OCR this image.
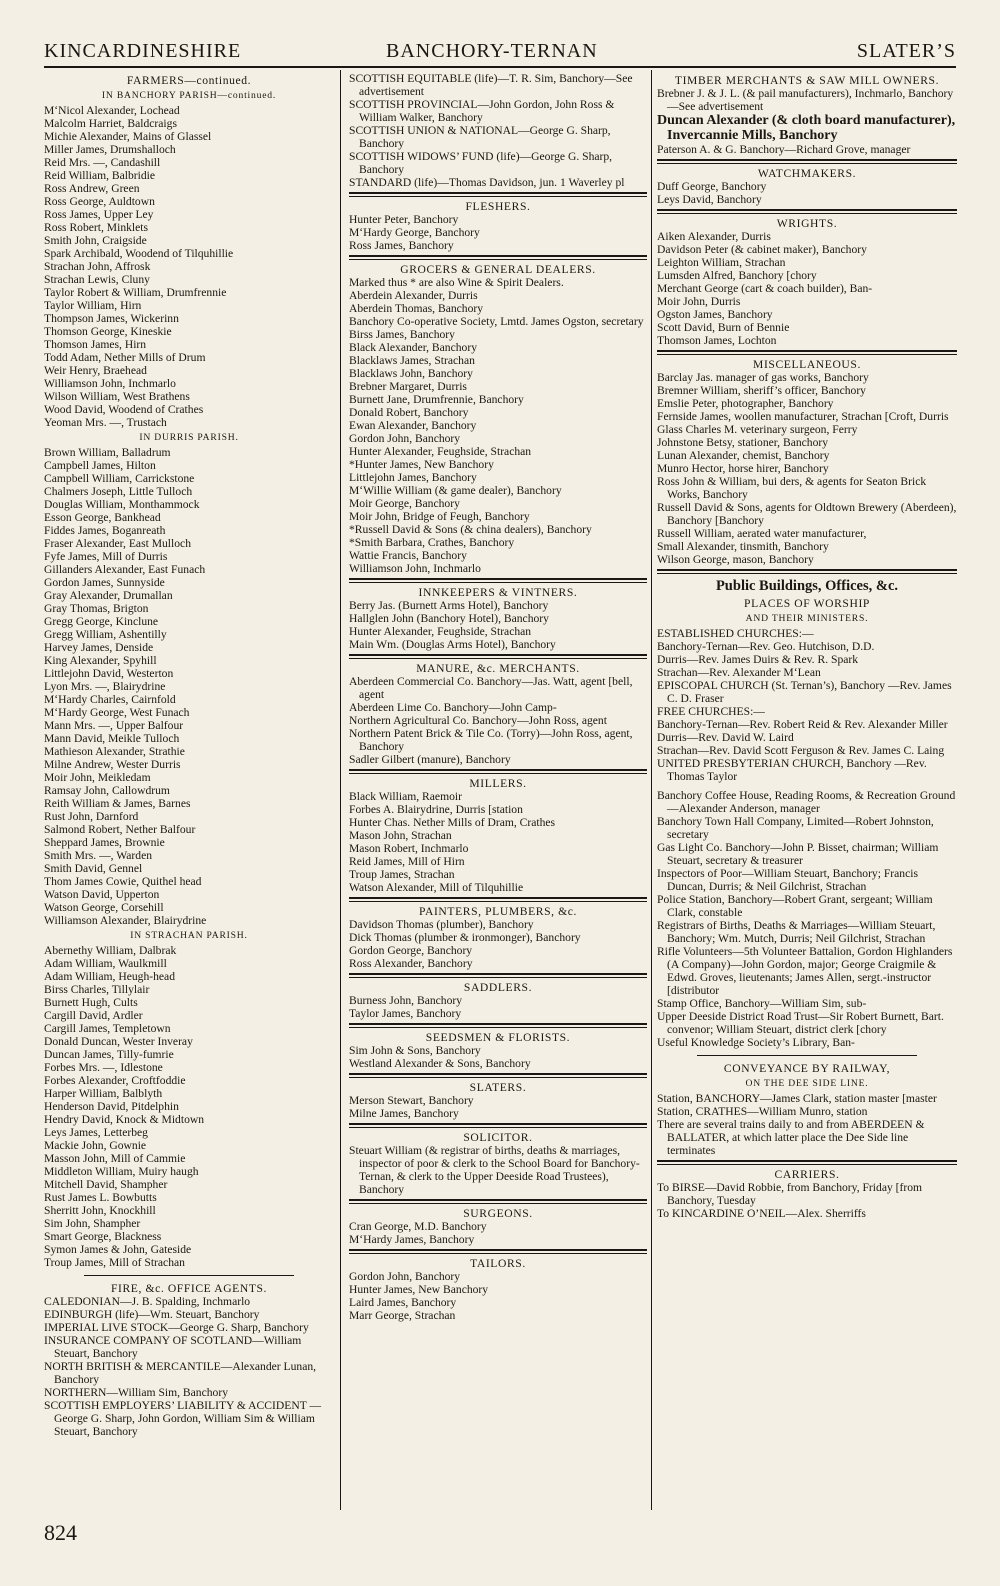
KINCARDINESHIRE	BANCHORY-TERNAN	SLATER’S
FARMERS—continued.
IN BANCHORY PARISH—continued.
M‘Nicol Alexander, Lochead
Malcolm Harriet, Baldcraigs
Michie Alexander, Mains of Glassel
Miller James, Drumshalloch
Reid Mrs. —, Candashill
Reid William, Balbridie
Ross Andrew, Green
Ross George, Auldtown
Ross James, Upper Ley
Ross Robert, Minklets
Smith John, Craigside
Spark Archibald, Woodend of Tilquhillie
Strachan John, Affrosk
Strachan Lewis, Cluny
Taylor Robert & William, Drumfrennie
Taylor William, Hirn
Thompson James, Wickerinn
Thomson George, Kineskie
Thomson James, Hirn
Todd Adam, Nether Mills of Drum
Weir Henry, Braehead
Williamson John, Inchmarlo
Wilson William, West Brathens
Wood David, Woodend of Crathes
Yeoman Mrs. —, Trustach
IN DURRIS PARISH.
Brown William, Balladrum
Campbell James, Hilton
Campbell William, Carrickstone
Chalmers Joseph, Little Tulloch
Douglas William, Monthammock
Esson George, Bankhead
Fiddes James, Boganreath
Fraser Alexander, East Mulloch
Fyfe James, Mill of Durris
Gillanders Alexander, East Funach
Gordon James, Sunnyside
Gray Alexander, Drumallan
Gray Thomas, Brigton
Gregg George, Kinclune
Gregg William, Ashentilly
Harvey James, Denside
King Alexander, Spyhill
Littlejohn David, Westerton
Lyon Mrs. —, Blairydrine
M‘Hardy Charles, Cairnfold
M‘Hardy George, West Funach
Mann Mrs. —, Upper Balfour
Mann David, Meikle Tulloch
Mathieson Alexander, Strathie
Milne Andrew, Wester Durris
Moir John, Meikledam
Ramsay John, Callowdrum
Reith William & James, Barnes
Rust John, Darnford
Salmond Robert, Nether Balfour
Sheppard James, Brownie
Smith Mrs. —, Warden
Smith David, Gennel
Thom James Cowie, Quithel head
Watson David, Upperton
Watson George, Corsehill
Williamson Alexander, Blairydrine
IN STRACHAN PARISH.
Abernethy William, Dalbrak
Adam William, Waulkmill
Adam William, Heugh-head
Birss Charles, Tillylair
Burnett Hugh, Cults
Cargill David, Ardler
Cargill James, Templetown
Donald Duncan, Wester Inveray
Duncan James, Tilly-fumrie
Forbes Mrs. —, Idlestone
Forbes Alexander, Croftfoddie
Harper William, Balblyth
Henderson David, Pitdelphin
Hendry David, Knock & Midtown
Leys James, Letterbeg
Mackie John, Gownie
Masson John, Mill of Cammie
Middleton William, Muiry haugh
Mitchell David, Shampher
Rust James L. Bowbutts
Sherritt John, Knockhill
Sim John, Shampher
Smart George, Blackness
Symon James & John, Gateside
Troup James, Mill of Strachan
FIRE, &c. OFFICE AGENTS.
CALEDONIAN—J. B. Spalding, Inchmarlo
EDINBURGH (life)—Wm. Steuart, Banchory
IMPERIAL LIVE STOCK—George G. Sharp, Banchory
INSURANCE COMPANY OF SCOTLAND—William Steuart, Banchory
NORTH BRITISH & MERCANTILE—Alexander Lunan, Banchory
NORTHERN—William Sim, Banchory
SCOTTISH EMPLOYERS’ LIABILITY & ACCIDENT —George G. Sharp, John Gordon, William Sim & William Steuart, Banchory
SCOTTISH EQUITABLE (life)—T. R. Sim, Banchory—See advertisement
SCOTTISH PROVINCIAL—John Gordon, John Ross & William Walker, Banchory
SCOTTISH UNION & NATIONAL—George G. Sharp, Banchory
SCOTTISH WIDOWS’ FUND (life)—George G. Sharp, Banchory
STANDARD (life)—Thomas Davidson, jun. 1 Waverley pl
FLESHERS.
Hunter Peter, Banchory
M‘Hardy George, Banchory
Ross James, Banchory
GROCERS & GENERAL DEALERS.
Marked thus * are also Wine & Spirit Dealers.
Aberdein Alexander, Durris
Aberdein Thomas, Banchory
Banchory Co-operative Society, Lmtd. James Ogston, secretary
Birss James, Banchory
Black Alexander, Banchory
Blacklaws James, Strachan
Blacklaws John, Banchory
Brebner Margaret, Durris
Burnett Jane, Drumfrennie, Banchory
Donald Robert, Banchory
Ewan Alexander, Banchory
Gordon John, Banchory
Hunter Alexander, Feughside, Strachan
*Hunter James, New Banchory
Littlejohn James, Banchory
M‘Willie William (& game dealer), Banchory
Moir George, Banchory
Moir John, Bridge of Feugh, Banchory
*Russell David & Sons (& china dealers), Banchory
*Smith Barbara, Crathes, Banchory
Wattie Francis, Banchory
Williamson John, Inchmarlo
INNKEEPERS & VINTNERS.
Berry Jas. (Burnett Arms Hotel), Banchory
Hallglen John (Banchory Hotel), Banchory
Hunter Alexander, Feughside, Strachan
Main Wm. (Douglas Arms Hotel), Banchory
MANURE, &c. MERCHANTS.
Aberdeen Commercial Co. Banchory—Jas. Watt, agent [bell, agent
Aberdeen Lime Co. Banchory—John Camp-
Northern Agricultural Co. Banchory—John Ross, agent
Northern Patent Brick & Tile Co. (Torry)—John Ross, agent, Banchory
Sadler Gilbert (manure), Banchory
MILLERS.
Black William, Raemoir
Forbes A. Blairydrine, Durris [station
Hunter Chas. Nether Mills of Dram, Crathes
Mason John, Strachan
Mason Robert, Inchmarlo
Reid James, Mill of Hirn
Troup James, Strachan
Watson Alexander, Mill of Tilquhillie
PAINTERS, PLUMBERS, &c.
Davidson Thomas (plumber), Banchory
Dick Thomas (plumber & ironmonger), Banchory
Gordon George, Banchory
Ross Alexander, Banchory
SADDLERS.
Burness John, Banchory
Taylor James, Banchory
SEEDSMEN & FLORISTS.
Sim John & Sons, Banchory
Westland Alexander & Sons, Banchory
SLATERS.
Merson Stewart, Banchory
Milne James, Banchory
SOLICITOR.
Steuart William (& registrar of births, deaths & marriages, inspector of poor & clerk to the School Board for Banchory-Ternan, & clerk to the Upper Deeside Road Trustees), Banchory
SURGEONS.
Cran George, M.D. Banchory
M‘Hardy James, Banchory
TAILORS.
Gordon John, Banchory
Hunter James, New Banchory
Laird James, Banchory
Marr George, Strachan
TIMBER MERCHANTS & SAW MILL OWNERS.
Brebner J. & J. L. (& pail manufacturers), Inchmarlo, Banchory—See advertisement
Duncan Alexander (& cloth board manufacturer), Invercannie Mills, Banchory
Paterson A. & G. Banchory—Richard Grove, manager
WATCHMAKERS.
Duff George, Banchory
Leys David, Banchory
WRIGHTS.
Aiken Alexander, Durris
Davidson Peter (& cabinet maker), Banchory
Leighton William, Strachan
Lumsden Alfred, Banchory [chory
Merchant George (cart & coach builder), Ban-
Moir John, Durris
Ogston James, Banchory
Scott David, Burn of Bennie
Thomson James, Lochton
MISCELLANEOUS.
Barclay Jas. manager of gas works, Banchory
Bremner William, sheriff’s officer, Banchory
Emslie Peter, photographer, Banchory
Fernside James, woollen manufacturer, Strachan [Croft, Durris
Glass Charles M. veterinary surgeon, Ferry
Johnstone Betsy, stationer, Banchory
Lunan Alexander, chemist, Banchory
Munro Hector, horse hirer, Banchory
Ross John & William, bui ders, & agents for Seaton Brick Works, Banchory
Russell David & Sons, agents for Oldtown Brewery (Aberdeen), Banchory [Banchory
Russell William, aerated water manufacturer,
Small Alexander, tinsmith, Banchory
Wilson George, mason, Banchory
Public Buildings, Offices, &c.
PLACES OF WORSHIP
AND THEIR MINISTERS.
ESTABLISHED CHURCHES:—
Banchory-Ternan—Rev. Geo. Hutchison, D.D.
Durris—Rev. James Duirs & Rev. R. Spark
Strachan—Rev. Alexander M‘Lean
EPISCOPAL CHURCH (St. Ternan’s), Banchory —Rev. James C. D. Fraser
FREE CHURCHES:—
Banchory-Ternan—Rev. Robert Reid & Rev. Alexander Miller
Durris—Rev. David W. Laird
Strachan—Rev. David Scott Ferguson & Rev. James C. Laing
UNITED PRESBYTERIAN CHURCH, Banchory —Rev. Thomas Taylor
Banchory Coffee House, Reading Rooms, & Recreation Ground—Alexander Anderson, manager
Banchory Town Hall Company, Limited—Robert Johnston, secretary
Gas Light Co. Banchory—John P. Bisset, chairman; William Steuart, secretary & treasurer
Inspectors of Poor—William Steuart, Banchory; Francis Duncan, Durris; & Neil Gilchrist, Strachan
Police Station, Banchory—Robert Grant, sergeant; William Clark, constable
Registrars of Births, Deaths & Marriages—William Steuart, Banchory; Wm. Mutch, Durris; Neil Gilchrist, Strachan
Rifle Volunteers—5th Volunteer Battalion, Gordon Highlanders (A Company)—John Gordon, major; George Craigmile & Edwd. Groves, lieutenants; James Allen, sergt.-instructor [distributor
Stamp Office, Banchory—William Sim, sub-
Upper Deeside District Road Trust—Sir Robert Burnett, Bart. convenor; William Steuart, district clerk [chory
Useful Knowledge Society’s Library, Ban-
CONVEYANCE BY RAILWAY,
ON THE DEE SIDE LINE.
Station, BANCHORY—James Clark, station master [master
Station, CRATHES—William Munro, station
There are several trains daily to and from ABERDEEN & BALLATER, at which latter place the Dee Side line terminates
CARRIERS.
To BIRSE—David Robbie, from Banchory, Friday [from Banchory, Tuesday
To KINCARDINE O’NEIL—Alex. Sherriffs
824
